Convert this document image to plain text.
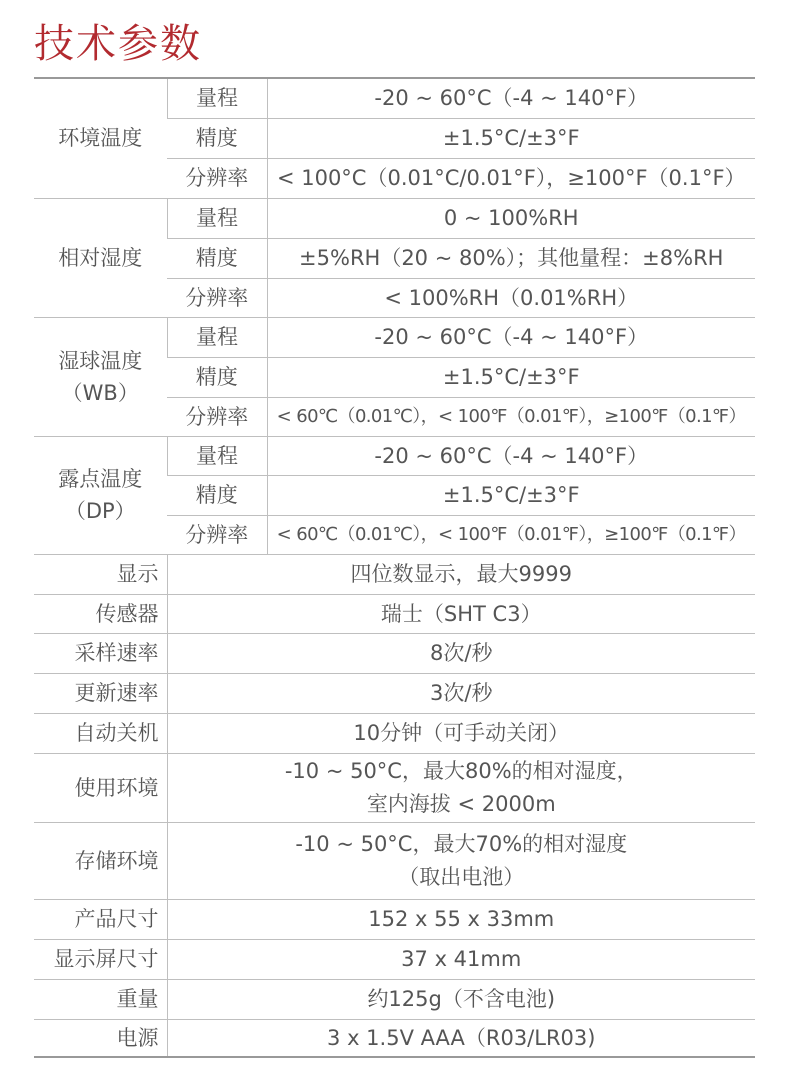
技术参数
环境温度	量程	-20 ~ 60°C（-4 ~ 140°F）
	精度	±1.5°C/±3°F
	分辨率	< 100°C（0.01°C/0.01°F），≥100°F（0.1°F）

相对湿度	量程	0 ~ 100%RH
	精度	±5%RH（20 ~ 80%）；其他量程：±8%RH
	分辨率	< 100%RH（0.01%RH）

湿球温度
（WB）	量程	-20 ~ 60°C（-4 ~ 140°F）
	精度	±1.5°C/±3°F
	分辨率	< 60℃（0.01℃），< 100℉（0.01℉），≥100℉（0.1℉）

露点温度
（DP）	量程	-20 ~ 60°C（-4 ~ 140°F）
	精度	±1.5°C/±3°F
	分辨率	< 60℃（0.01℃），< 100℉（0.01℉），≥100℉（0.1℉）
显示	四位数显示，最大9999	
传感器	瑞士（SHT C3）	
采样速率	8次/秒	
更新速率	3次/秒	
自动关机	10分钟（可手动关闭）	
使用环境	-10 ~ 50°C，最大80%的相对湿度，
室内海拔 < 2000m	

存储环境	-10 ~ 50°C，最大70%的相对湿度
（取出电池）	

产品尺寸	152 x 55 x 33mm	
显示屏尺寸	37 x 41mm	
重量	约125g（不含电池)	
电源	3 x 1.5V AAA（R03/LR03)	
